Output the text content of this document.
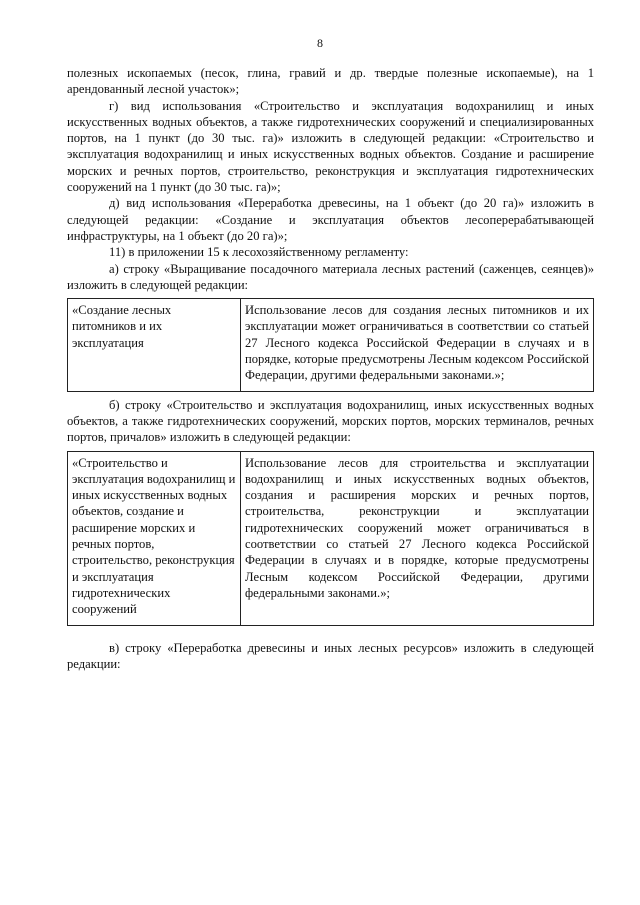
8

полезных ископаемых (песок, глина, гравий и др. твердые полезные ископаемые), на 1 арендованный лесной участок»;

г) вид использования «Строительство и эксплуатация водохранилищ и иных искусственных водных объектов, а также гидротехнических сооружений и специализированных портов, на 1 пункт (до 30 тыс. га)» изложить в следующей редакции: «Строительство и эксплуатация водохранилищ и иных искусственных водных объектов. Создание и расширение морских и речных портов, строительство, реконструкция и эксплуатация гидротехнических сооружений на 1 пункт (до 30 тыс. га)»;

д) вид использования «Переработка древесины, на 1 объект (до 20 га)» изложить в следующей редакции: «Создание и эксплуатация объектов лесоперерабатывающей инфраструктуры, на 1 объект (до 20 га)»;

11) в приложении 15 к лесохозяйственному регламенту:

а) строку «Выращивание посадочного материала лесных растений (саженцев, сеянцев)» изложить в следующей редакции:

«Создание лесных питомников и их эксплуатация	Использование лесов для создания лесных питомников и их эксплуатации может ограничиваться в соответствии со статьей 27 Лесного кодекса Российской Федерации в случаях и в порядке, которые предусмотрены Лесным кодексом Российской Федерации, другими федеральными законами.»;

б) строку «Строительство и эксплуатация водохранилищ, иных искусственных водных объектов, а также гидротехнических сооружений, морских портов, морских терминалов, речных портов, причалов» изложить в следующей редакции:

«Строительство и эксплуатация водохранилищ и иных искусственных водных объектов, создание и расширение морских и речных портов, строительство, реконструкция и эксплуатация гидротехнических сооружений	Использование лесов для строительства и эксплуатации водохранилищ и иных искусственных водных объектов, создания и расширения морских и речных портов, строительства, реконструкции и эксплуатации гидротехнических сооружений может ограничиваться в соответствии со статьей 27 Лесного кодекса Российской Федерации в случаях и в порядке, которые предусмотрены Лесным кодексом Российской Федерации, другими федеральными законами.»;

в) строку «Переработка древесины и иных лесных ресурсов» изложить в следующей редакции:
